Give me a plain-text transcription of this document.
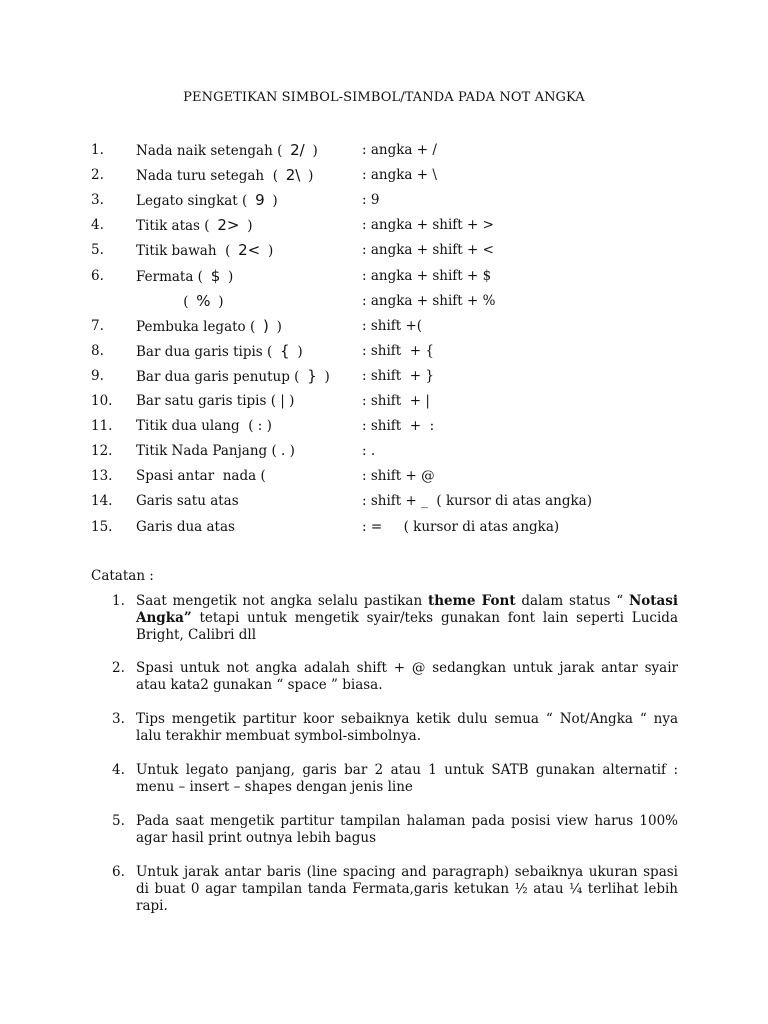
PENGETIKAN SIMBOL-SIMBOL/TANDA PADA NOT ANGKA
1. Nada naik setengah ( 2/ )	: angka + /
2. Nada turu setegah  ( 2\ )	: angka + \
3. Legato singkat ( 9 )	: 9
4. Titik atas ( 2> )	: angka + shift + >
5. Titik bawah  ( 2< )	: angka + shift + <
6. Fermata ( $ )	: angka + shift + $
( % )	: angka + shift + %
7. Pembuka legato ( ) )	: shift +(
8. Bar dua garis tipis ( { )	: shift  + {
9. Bar dua garis penutup ( } ) : shift  + }
10. Bar satu garis tipis ( | )	: shift  + |
11. Titik dua ulang  ( : )	: shift  +  :
12. Titik Nada Panjang ( . )	: .
13. Spasi antar  nada (	: shift + @
14. Garis satu atas	: shift + _  ( kursor di atas angka)
15. Garis dua atas	: =     ( kursor di atas angka)
Catatan :
1. Saat mengetik not angka selalu pastikan theme Font dalam status “ Notasi Angka” tetapi untuk mengetik syair/teks gunakan font lain seperti Lucida Bright, Calibri dll
2. Spasi untuk not angka adalah shift + @ sedangkan untuk jarak antar syair atau kata2 gunakan “ space ” biasa.
3. Tips mengetik partitur koor sebaiknya ketik dulu semua “ Not/Angka “ nya lalu terakhir membuat symbol-simbolnya.
4. Untuk legato panjang, garis bar 2 atau 1 untuk SATB gunakan alternatif : menu – insert – shapes dengan jenis line
5. Pada saat mengetik partitur tampilan halaman pada posisi view harus 100% agar hasil print outnya lebih bagus
6. Untuk jarak antar baris (line spacing and paragraph) sebaiknya ukuran spasi di buat 0 agar tampilan tanda Fermata,garis ketukan ½ atau ¼ terlihat lebih rapi.
